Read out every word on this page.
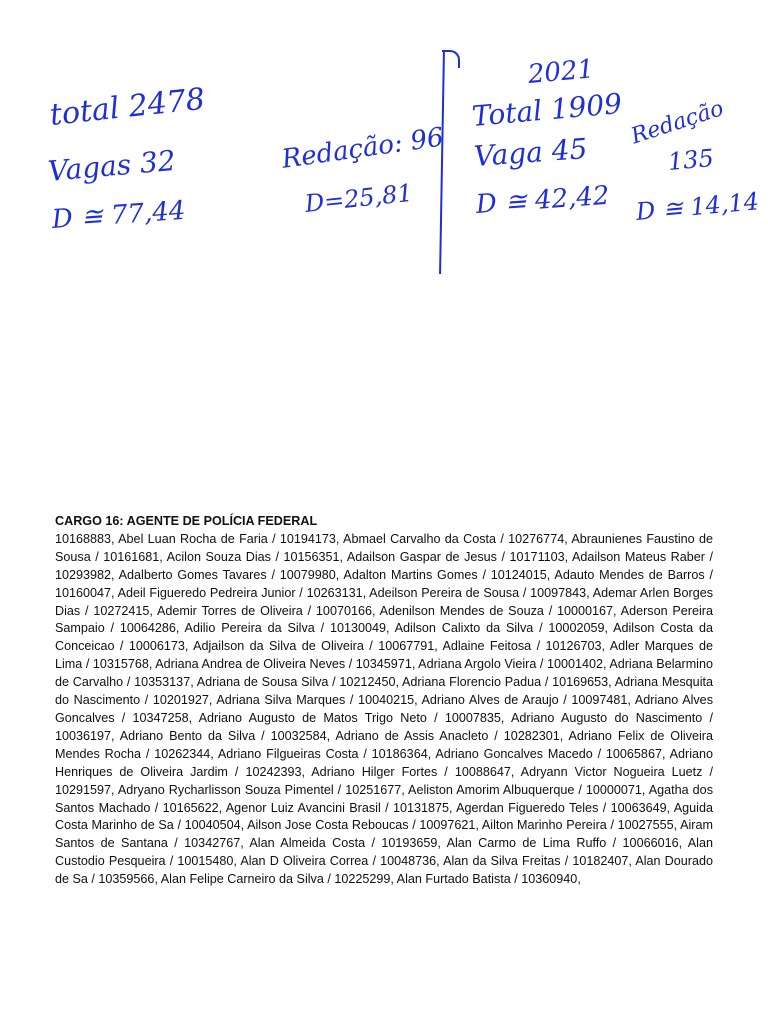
total 2478
Vagas 32
D ≅ 77,44
Redação: 96
D=25,81
2021
Total 1909
Vaga 45
D ≅ 42,42
Redação
135
D ≅ 14,14

CARGO 16: AGENTE DE POLÍCIA FEDERAL

10168883, Abel Luan Rocha de Faria / 10194173, Abmael Carvalho da Costa / 10276774, Abraunienes Faustino de Sousa / 10161681, Acilon Souza Dias / 10156351, Adailson Gaspar de Jesus / 10171103, Adailson Mateus Raber / 10293982, Adalberto Gomes Tavares / 10079980, Adalton Martins Gomes / 10124015, Adauto Mendes de Barros / 10160047, Adeil Figueredo Pedreira Junior / 10263131, Adeilson Pereira de Sousa / 10097843, Ademar Arlen Borges Dias / 10272415, Ademir Torres de Oliveira / 10070166, Adenilson Mendes de Souza / 10000167, Aderson Pereira Sampaio / 10064286, Adilio Pereira da Silva / 10130049, Adilson Calixto da Silva / 10002059, Adilson Costa da Conceicao / 10006173, Adjailson da Silva de Oliveira / 10067791, Adlaine Feitosa / 10126703, Adler Marques de Lima / 10315768, Adriana Andrea de Oliveira Neves / 10345971, Adriana Argolo Vieira / 10001402, Adriana Belarmino de Carvalho / 10353137, Adriana de Sousa Silva / 10212450, Adriana Florencio Padua / 10169653, Adriana Mesquita do Nascimento / 10201927, Adriana Silva Marques / 10040215, Adriano Alves de Araujo / 10097481, Adriano Alves Goncalves / 10347258, Adriano Augusto de Matos Trigo Neto / 10007835, Adriano Augusto do Nascimento / 10036197, Adriano Bento da Silva / 10032584, Adriano de Assis Anacleto / 10282301, Adriano Felix de Oliveira Mendes Rocha / 10262344, Adriano Filgueiras Costa / 10186364, Adriano Goncalves Macedo / 10065867, Adriano Henriques de Oliveira Jardim / 10242393, Adriano Hilger Fortes / 10088647, Adryann Victor Nogueira Luetz / 10291597, Adryano Rycharlisson Souza Pimentel / 10251677, Aeliston Amorim Albuquerque / 10000071, Agatha dos Santos Machado / 10165622, Agenor Luiz Avancini Brasil / 10131875, Agerdan Figueredo Teles / 10063649, Aguida Costa Marinho de Sa / 10040504, Ailson Jose Costa Reboucas / 10097621, Ailton Marinho Pereira / 10027555, Airam Santos de Santana / 10342767, Alan Almeida Costa / 10193659, Alan Carmo de Lima Ruffo / 10066016, Alan Custodio Pesqueira / 10015480, Alan D Oliveira Correa / 10048736, Alan da Silva Freitas / 10182407, Alan Dourado de Sa / 10359566, Alan Felipe Carneiro da Silva / 10225299, Alan Furtado Batista / 10360940,
